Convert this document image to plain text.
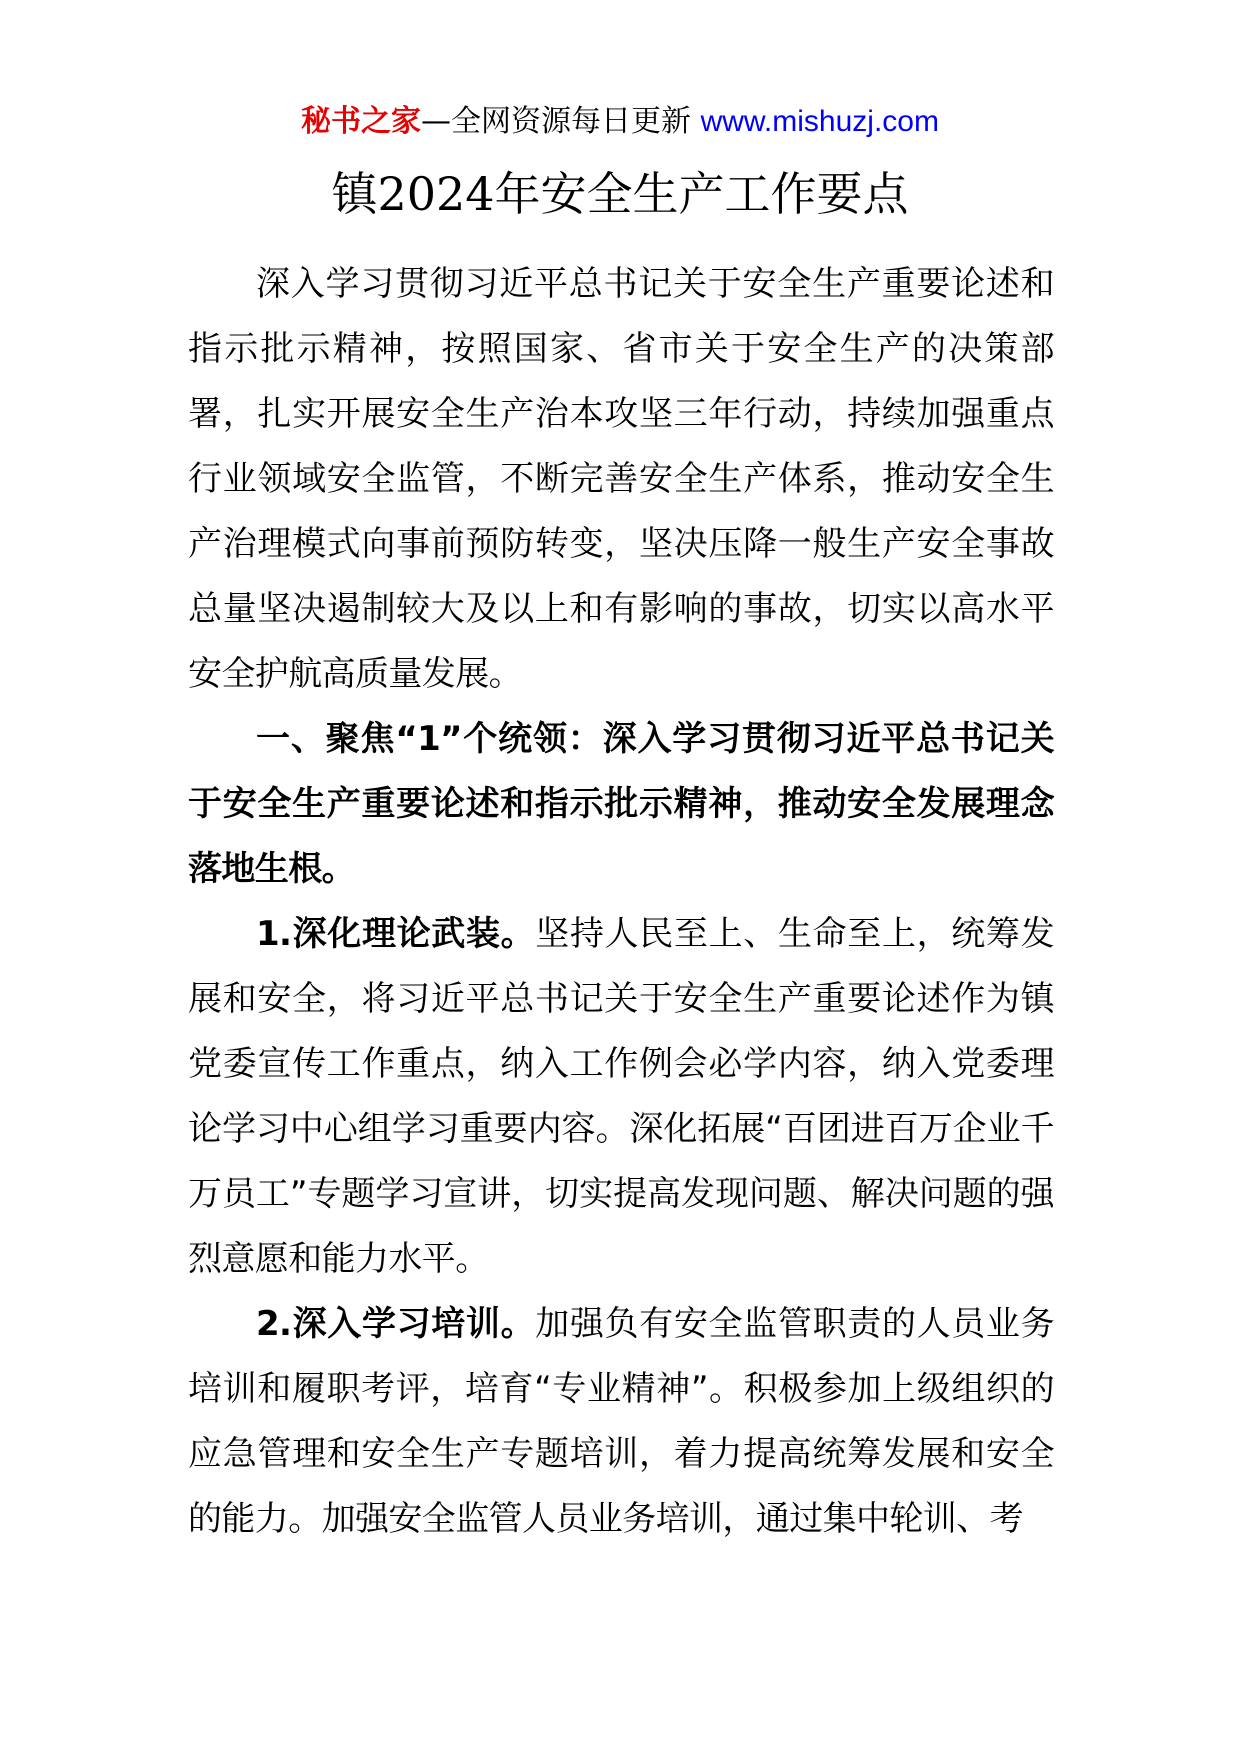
秘书之家—全网资源每日更新 www.mishuzj.com
镇2024年安全生产工作要点

深入学习贯彻习近平总书记关于安全生产重要论述和指示批示精神，按照国家、省市关于安全生产的决策部署，扎实开展安全生产治本攻坚三年行动，持续加强重点行业领域安全监管，不断完善安全生产体系，推动安全生产治理模式向事前预防转变，坚决压降一般生产安全事故总量坚决遏制较大及以上和有影响的事故，切实以高水平安全护航高质量发展。

一、聚焦“1”个统领：深入学习贯彻习近平总书记关于安全生产重要论述和指示批示精神，推动安全发展理念落地生根。

1.深化理论武装。坚持人民至上、生命至上，统筹发展和安全，将习近平总书记关于安全生产重要论述作为镇党委宣传工作重点，纳入工作例会必学内容，纳入党委理论学习中心组学习重要内容。深化拓展“百团进百万企业千万员工”专题学习宣讲，切实提高发现问题、解决问题的强烈意愿和能力水平。

2.深入学习培训。加强负有安全监管职责的人员业务培训和履职考评，培育“专业精神”。积极参加上级组织的应急管理和安全生产专题培训，着力提高统筹发展和安全的能力。加强安全监管人员业务培训，通过集中轮训、考
